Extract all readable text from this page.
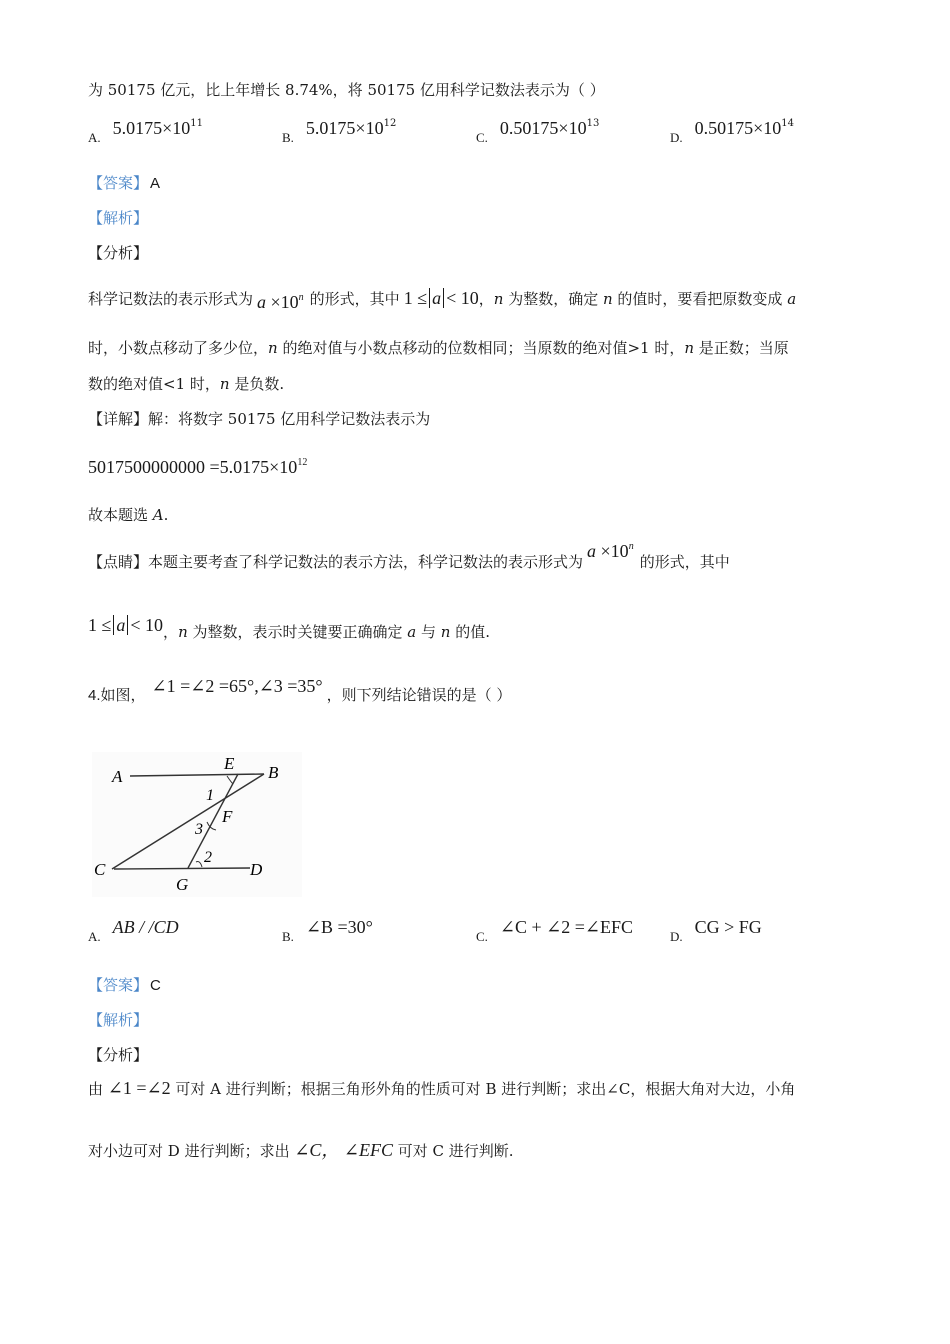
为 50175 亿元，比上年增长 8.74%，将 50175 亿用科学记数法表示为（ ）
A. $5.0175\times 10^{11}$
B. $5.0175\times 10^{12}$
C. $0.50175\times 10^{13}$
D. $0.50175\times 10^{14}$
【答案】 A
【解析】
【分析】
科学记数法的表示形式为 $a \times 10^n$ 的形式，其中 1 ≤ a < 10，n 为整数，确定 n 的值时，要看把原数变成 a
时，小数点移动了多少位，n 的绝对值与小数点移动的位数相同；当原数的绝对值>1 时，n 是正数；当原
数的绝对值<1 时，n 是负数.
【详解】解：将数字 50175 亿用科学记数法表示为
$5017500000000 =5.0175\times 10^{12}$
故本题选 A.
【点睛】本题主要考查了科学记数法的表示方法，科学记数法的表示形式为$a \times 10^n$的形式，其中
1 ≤ a < 10，n 为整数，表示时关键要正确确定 a 与 n 的值.
4.如图， ∠1 =∠2 =65°,∠3 =35° ，则下列结论错误的是（ ）
A
E B
1
F
3
2
C
G
D
A. AB / /CD	B. ∠B =30°	C. ∠C + ∠2 =∠EFC	D. CG > FG
【答案】 C
【解析】
【分析】
由 ∠1 =∠2 可对 A 进行判断；根据三角形外角的性质可对 B 进行判断；求出∠C，根据大角对大边，小角
对小边可对 D 进行判断；求出 ∠C， ∠EFC 可对 C 进行判断.
